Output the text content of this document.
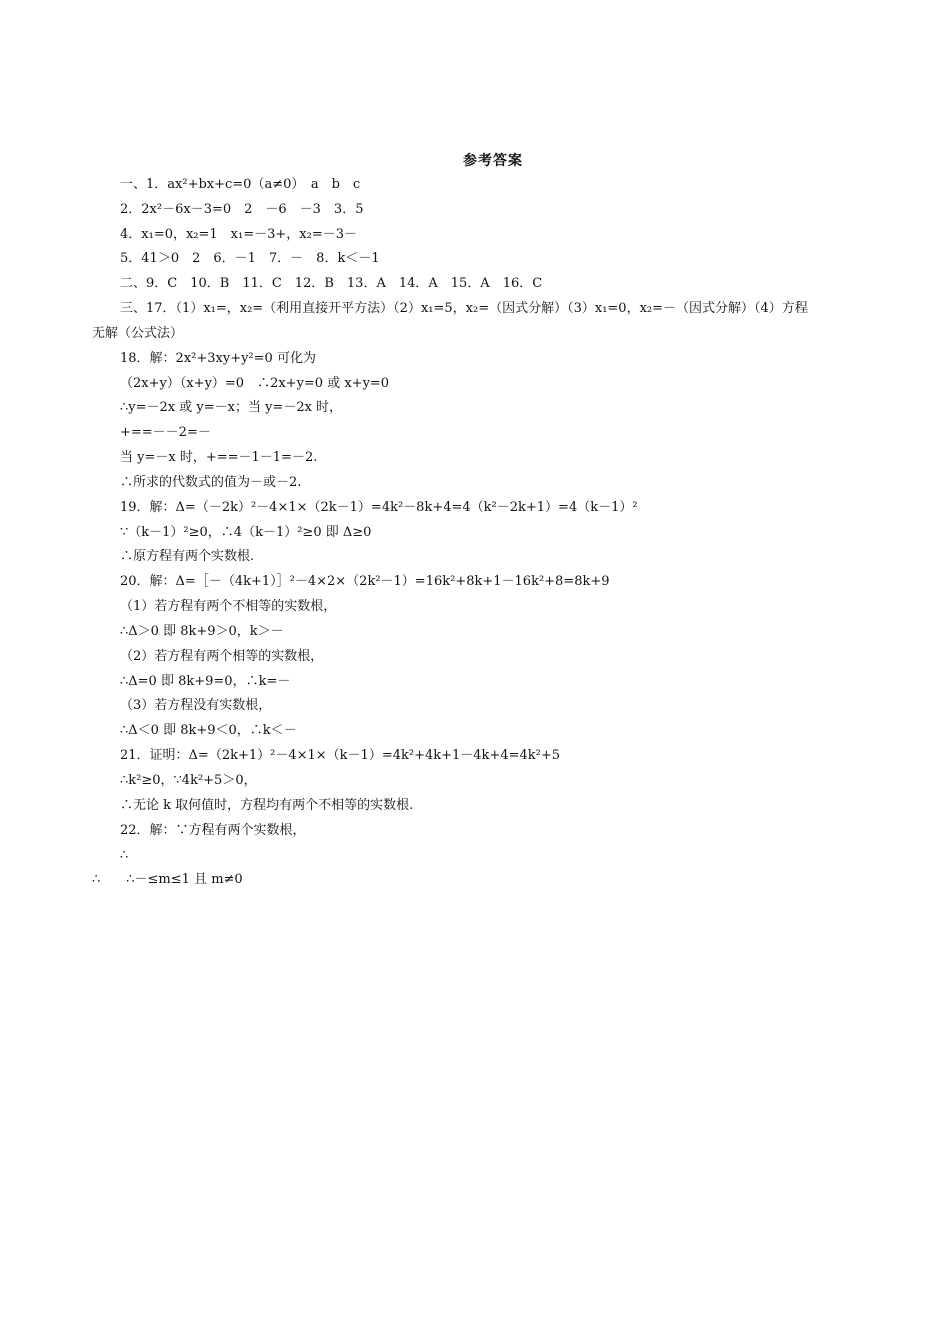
参考答案
一、1．ax²+bx+c=0（a≠0）　a　b　c
2．2x²－6x－3=0　2　－6　－3　3．5
4．x₁=0，x₂=1　x₁=－3+，x₂=－3－
5．41＞0　2　6．－1　7．－　8．k＜－1
二、9．C　10．B　11．C　12．B　13．A　14．A　15．A　16．C
三、17．（1）x₁=，x₂=（利用直接开平方法）（2）x₁=5，x₂=（因式分解）（3）x₁=0，x₂=－（因式分解）（4）方程
无解（公式法）
18．解：2x²+3xy+y²=0 可化为
（2x+y）（x+y）=0　∴2x+y=0 或 x+y=0
∴y=－2x 或 y=－x；当 y=－2x 时，
+==－－2=－
当 y=－x 时，+==－1－1=－2.
∴所求的代数式的值为－或－2.
19．解：Δ=（－2k）²－4×1×（2k－1）=4k²－8k+4=4（k²－2k+1）=4（k－1）²
∵（k－1）²≥0，∴4（k－1）²≥0 即 Δ≥0
∴原方程有两个实数根.
20．解：Δ=［－（4k+1）］²－4×2×（2k²－1）=16k²+8k+1－16k²+8=8k+9
（1）若方程有两个不相等的实数根，
∴Δ＞0 即 8k+9＞0，k＞－
（2）若方程有两个相等的实数根，
∴Δ=0 即 8k+9=0，∴k=－
（3）若方程没有实数根，
∴Δ＜0 即 8k+9＜0，∴k＜－
21．证明：Δ=（2k+1）²－4×1×（k－1）=4k²+4k+1－4k+4=4k²+5
∴k²≥0，∵4k²+5＞0，
∴无论 k 取何值时，方程均有两个不相等的实数根.
22．解：∵方程有两个实数根，
∴
∴　　∴－≤m≤1 且 m≠0
